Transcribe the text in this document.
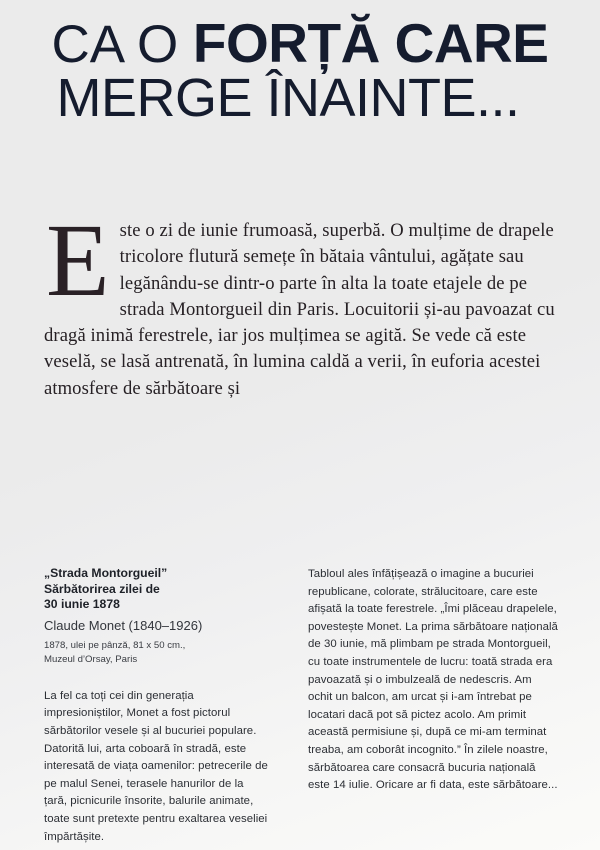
CA O FORȚĂ CARE
MERGE ÎNAINTE...
Este o zi de iunie frumoasă, superbă. O mulțime de drapele tricolore flutură semețe în bătaia vântului, agățate sau legănându-se dintr-o parte în alta la toate etajele de pe strada Montorgueil din Paris. Locuitorii și-au pavoazat cu dragă inimă ferestrele, iar jos mulțimea se agită. Se vede că este veselă, se lasă antrenată, în lumina caldă a verii, în euforia acestei atmosfere de sărbătoare și
„Strada Montorgueil”
Sărbătorirea zilei de
30 iunie 1878
Claude Monet (1840–1926)
1878, ulei pe pânză, 81 x 50 cm.,
Muzeul d’Orsay, Paris
La fel ca toți cei din generația impresioniștilor, Monet a fost pictorul sărbătorilor vesele și al bucuriei populare. Datorită lui, arta coboară în stradă, este interesată de viața oamenilor: petrecerile de pe malul Senei, terasele hanurilor de la țară, picnicurile însorite, balurile animate, toate sunt pretexte pentru exaltarea veseliei împărtășite.
Tabloul ales înfățișează o imagine a bucuriei republicane, colorate, strălucitoare, care este afișată la toate ferestrele. „Îmi plăceau drapelele, povestește Monet. La prima sărbătoare națională de 30 iunie, mă plimbam pe strada Montorgueil, cu toate instrumentele de lucru: toată strada era pavoazată și o imbulzeală de nedescris. Am ochit un balcon, am urcat și i-am întrebat pe locatari dacă pot să pictez acolo. Am primit această permisiune și, după ce mi-am terminat treaba, am coborât incognito.” În zilele noastre, sărbătoarea care consacră bucuria națională este 14 iulie. Oricare ar fi data, este sărbătoare...
